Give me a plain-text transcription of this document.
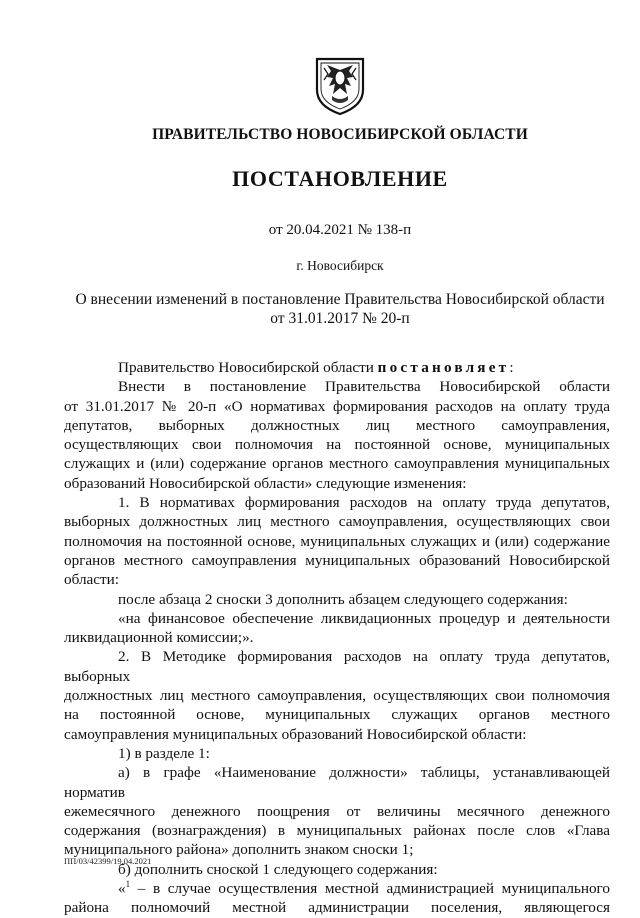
ПРАВИТЕЛЬСТВО НОВОСИБИРСКОЙ ОБЛАСТИ
ПОСТАНОВЛЕНИЕ
от 20.04.2021 № 138-п
г. Новосибирск
О внесении изменений в постановление Правительства Новосибирской области
от 31.01.2017 № 20-п

Правительство Новосибирской области постановляет:

Внести в постановление Правительства Новосибирской области

от 31.01.2017 № 20-п «О нормативах формирования расходов на оплату труда

депутатов, выборных должностных лиц местного самоуправления,

осуществляющих свои полномочия на постоянной основе, муниципальных

служащих и (или) содержание органов местного самоуправления муниципальных

образований Новосибирской области» следующие изменения:

1. В нормативах формирования расходов на оплату труда депутатов,

выборных должностных лиц местного самоуправления, осуществляющих свои

полномочия на постоянной основе, муниципальных служащих и (или) содержание

органов местного самоуправления муниципальных образований Новосибирской

области:

после абзаца 2 сноски 3 дополнить абзацем следующего содержания:

«на финансовое обеспечение ликвидационных процедур и деятельности

ликвидационной комиссии;».

2. В Методике формирования расходов на оплату труда депутатов, выборных

должностных лиц местного самоуправления, осуществляющих свои полномочия

на постоянной основе, муниципальных служащих органов местного

самоуправления муниципальных образований Новосибирской области:

1) в разделе 1:

а) в графе «Наименование должности» таблицы, устанавливающей норматив

ежемесячного денежного поощрения от величины месячного денежного

содержания (вознаграждения) в муниципальных районах после слов «Глава

муниципального района» дополнить знаком сноски 1;

б) дополнить сноской 1 следующего содержания:

«$^1$ – в случае осуществления местной администрацией муниципального

района полномочий местной администрации поселения, являющегося

ПП/03/42399/19.04.2021
